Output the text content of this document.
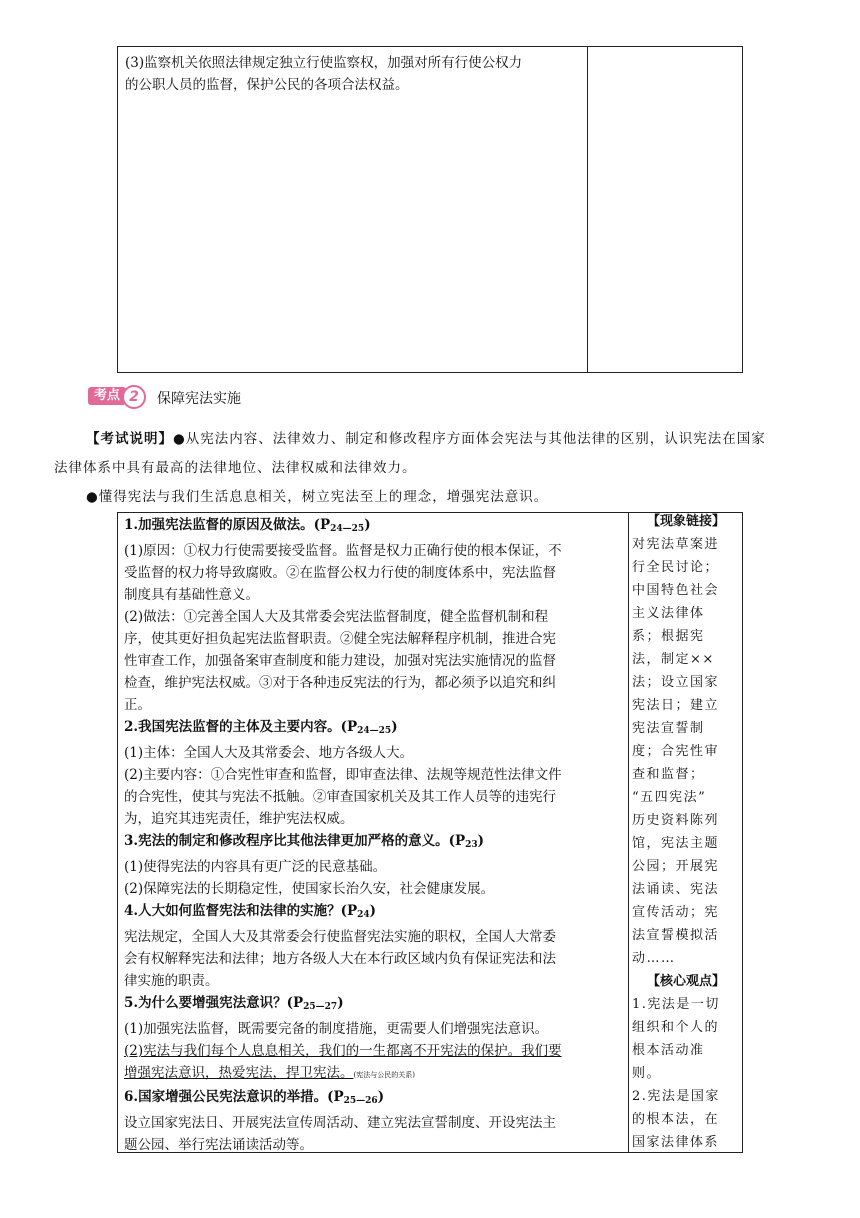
(3)监察机关依照法律规定独立行使监察权，加强对所有行使公权力

的公职人员的监督，保护公民的各项合法权益。

考点 2	保障宪法实施
【考试说明】●从宪法内容、法律效力、制定和修改程序方面体会宪法与其他法律的区别，认识宪法在国家
法律体系中具有最高的法律地位、法律权威和法律效力。
●懂得宪法与我们生活息息相关，树立宪法至上的理念，增强宪法意识。

1.加强宪法监督的原因及做法。$(P_{24—25})$

(1)原因：①权力行使需要接受监督。监督是权力正确行使的根本保证，不

受监督的权力将导致腐败。②在监督公权力行使的制度体系中，宪法监督

制度具有基础性意义。

(2)做法：①完善全国人大及其常委会宪法监督制度，健全监督机制和程

序，使其更好担负起宪法监督职责。②健全宪法解释程序机制，推进合宪

性审查工作，加强备案审查制度和能力建设，加强对宪法实施情况的监督

检查，维护宪法权威。③对于各种违反宪法的行为，都必须予以追究和纠

正。

2.我国宪法监督的主体及主要内容。$(P_{24—25})$

(1)主体：全国人大及其常委会、地方各级人大。

(2)主要内容：①合宪性审查和监督，即审查法律、法规等规范性法律文件

的合宪性，使其与宪法不抵触。②审查国家机关及其工作人员等的违宪行

为，追究其违宪责任，维护宪法权威。

3.宪法的制定和修改程序比其他法律更加严格的意义。$(P_{23})$

(1)使得宪法的内容具有更广泛的民意基础。

(2)保障宪法的长期稳定性，使国家长治久安，社会健康发展。

4.人大如何监督宪法和法律的实施？$(P_{24})$

宪法规定，全国人大及其常委会行使监督宪法实施的职权，全国人大常委

会有权解释宪法和法律；地方各级人大在本行政区域内负有保证宪法和法

律实施的职责。

5.为什么要增强宪法意识？$(P_{25—27})$

(1)加强宪法监督，既需要完备的制度措施，更需要人们增强宪法意识。

(2)宪法与我们每个人息息相关，我们的一生都离不开宪法的保护。我们要

增强宪法意识，热爱宪法，捍卫宪法。(宪法与公民的关系)

6.国家增强公民宪法意识的举措。$(P_{25—26})$

设立国家宪法日、开展宪法宣传周活动、建立宪法宣誓制度、开设宪法主

题公园、举行宪法诵读活动等。

【现象链接】
对宪法草案进
行全民讨论；
中国特色社会
主义法律体
系；根据宪
法，制定××
法；设立国家
宪法日；建立
宪法宣誓制
度；合宪性审
查和监督；
“五四宪法”
历史资料陈列
馆，宪法主题
公园；开展宪
法诵读、宪法
宣传活动；宪
法宣誓模拟活
动……
【核心观点】
1.宪法是一切
组织和个人的
根本活动准
则。
2.宪法是国家
的根本法，在
国家法律体系
